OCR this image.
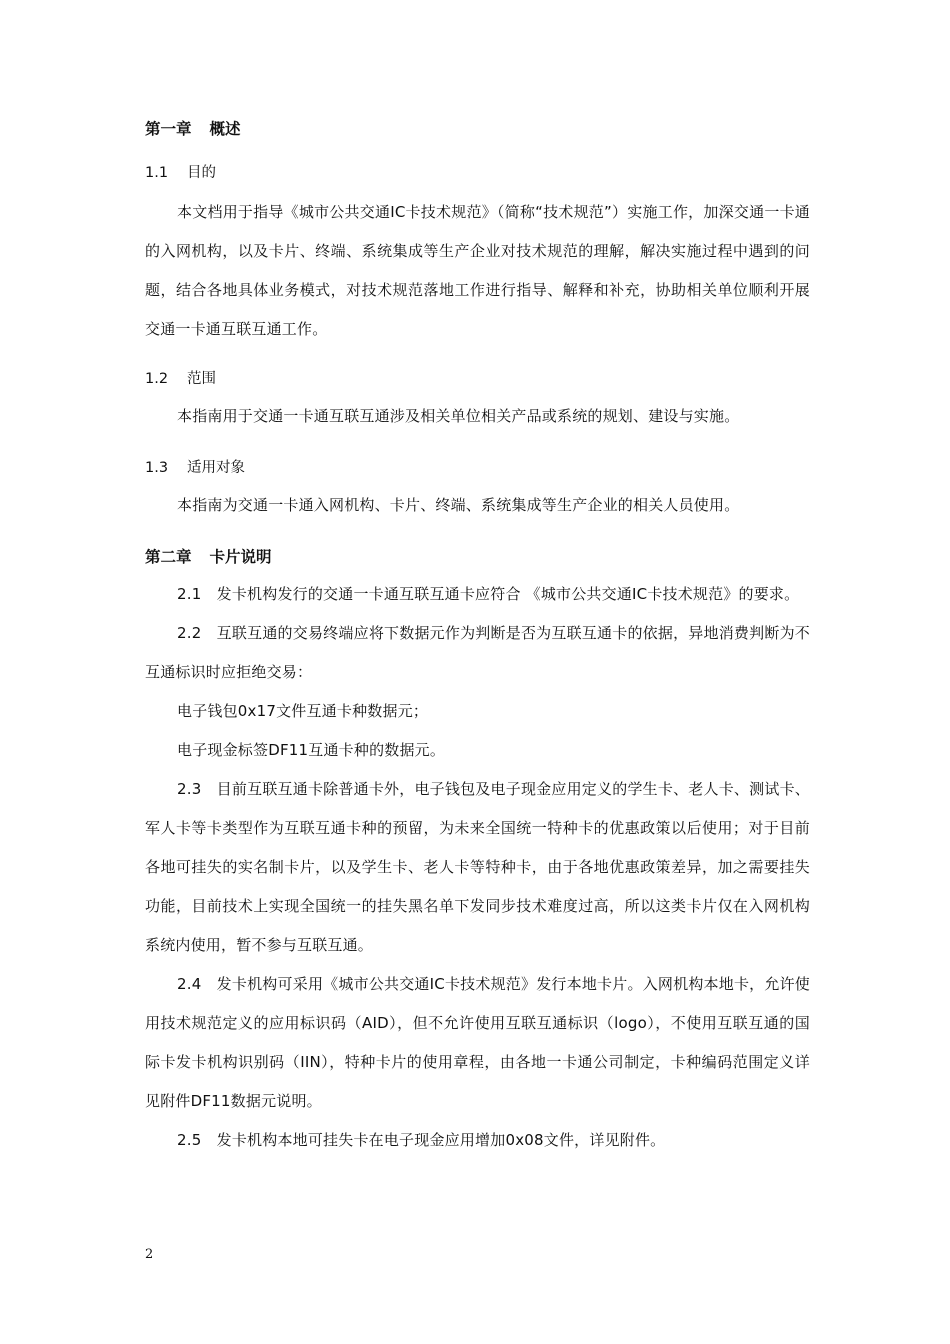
第一章 概述
1.1 目的
本文档用于指导《城市公共交通IC卡技术规范》（简称“技术规范”）实施工作，加深交通一卡通的入网机构，以及卡片、终端、系统集成等生产企业对技术规范的理解，解决实施过程中遇到的问题，结合各地具体业务模式，对技术规范落地工作进行指导、解释和补充，协助相关单位顺利开展交通一卡通互联互通工作。
1.2 范围
本指南用于交通一卡通互联互通涉及相关单位相关产品或系统的规划、建设与实施。
1.3 适用对象
本指南为交通一卡通入网机构、卡片、终端、系统集成等生产企业的相关人员使用。
第二章 卡片说明

2.1　发卡机构发行的交通一卡通互联互通卡应符合 《城市公共交通IC卡技术规范》的要求。

2.2　互联互通的交易终端应将下数据元作为判断是否为互联互通卡的依据，异地消费判断为不互通标识时应拒绝交易：

电子钱包0x17文件互通卡种数据元；

电子现金标签DF11互通卡种的数据元。

2.3　目前互联互通卡除普通卡外，电子钱包及电子现金应用定义的学生卡、老人卡、测试卡、军人卡等卡类型作为互联互通卡种的预留，为未来全国统一特种卡的优惠政策以后使用；对于目前各地可挂失的实名制卡片，以及学生卡、老人卡等特种卡，由于各地优惠政策差异，加之需要挂失功能，目前技术上实现全国统一的挂失黑名单下发同步技术难度过高，所以这类卡片仅在入网机构系统内使用，暂不参与互联互通。

2.4　发卡机构可采用《城市公共交通IC卡技术规范》发行本地卡片。入网机构本地卡，允许使用技术规范定义的应用标识码（AID），但不允许使用互联互通标识（logo），不使用互联互通的国际卡发卡机构识别码（IIN），特种卡片的使用章程，由各地一卡通公司制定，卡种编码范围定义详见附件DF11数据元说明。

2.5　发卡机构本地可挂失卡在电子现金应用增加0x08文件，详见附件。

2
